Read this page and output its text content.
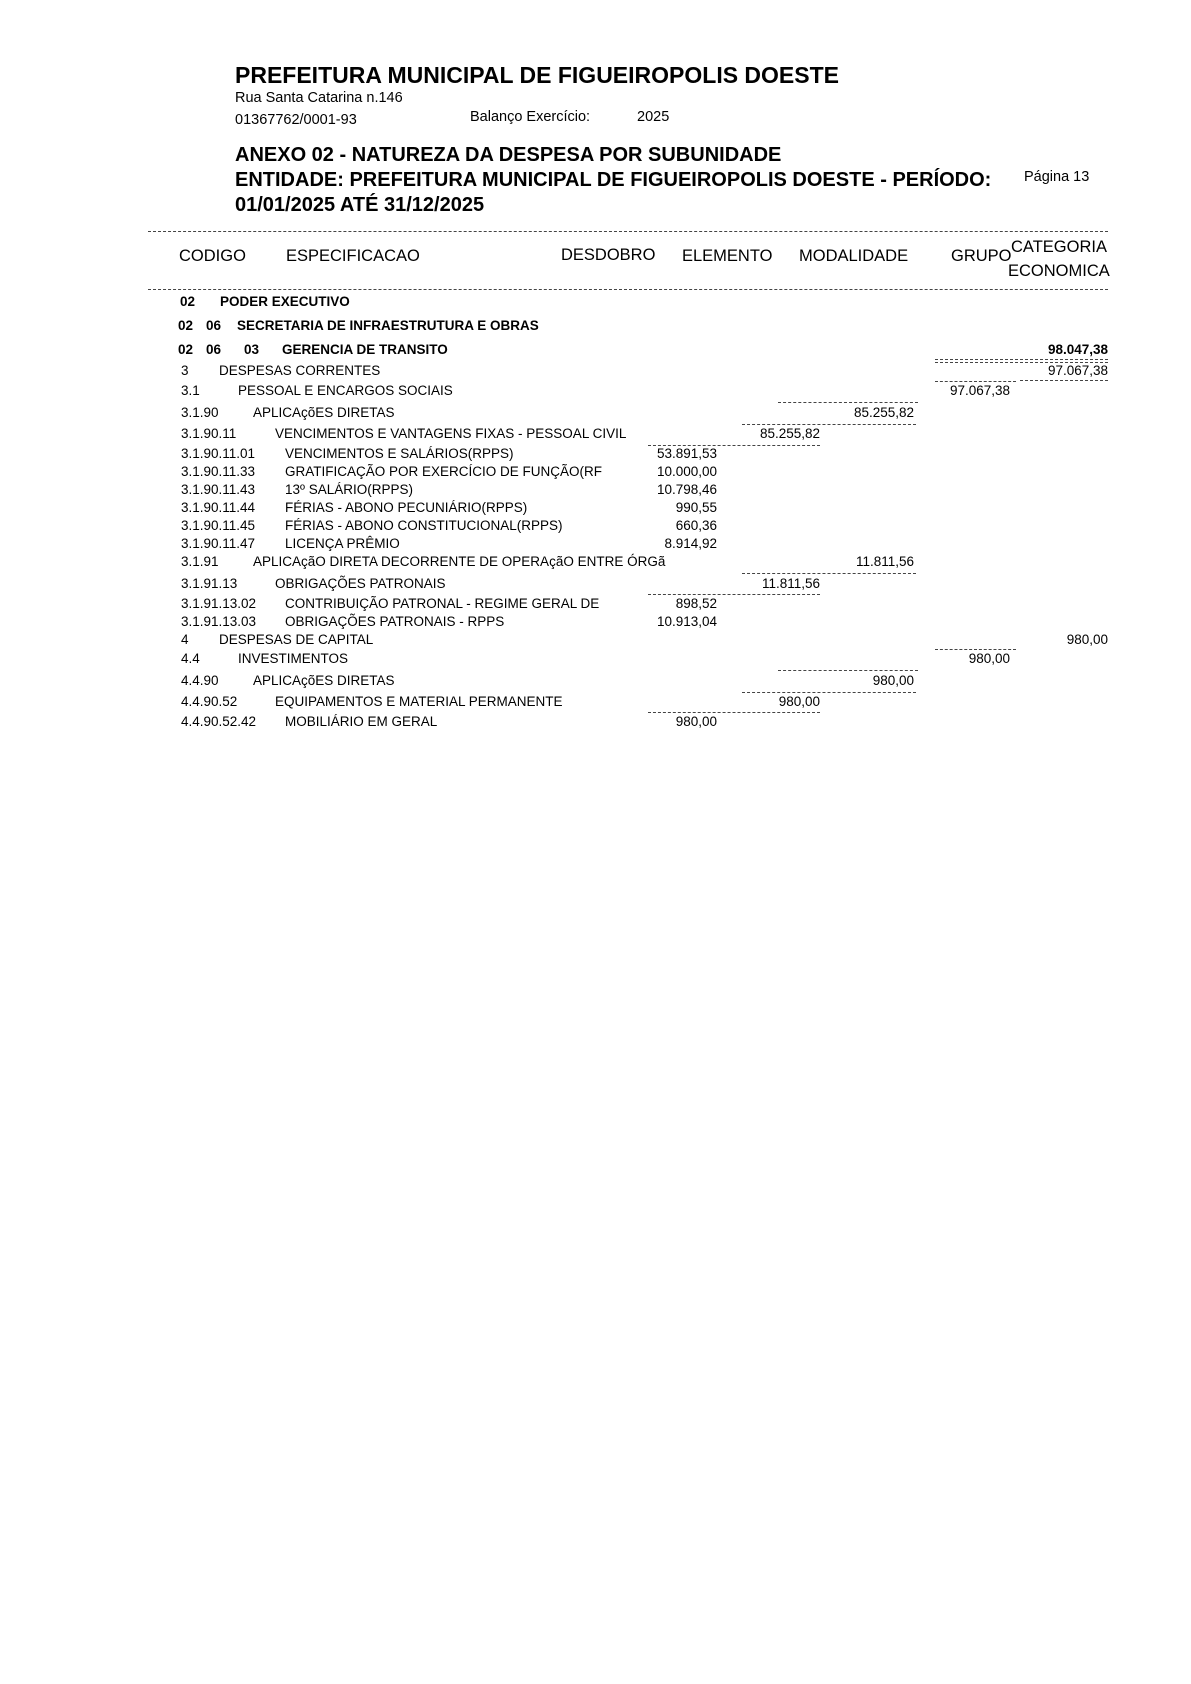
PREFEITURA MUNICIPAL DE FIGUEIROPOLIS DOESTE
Rua Santa Catarina n.146
01367762/0001-93	Balanço Exercício:	2025
ANEXO 02 - NATUREZA DA DESPESA POR SUBUNIDADE
ENTIDADE: PREFEITURA MUNICIPAL DE FIGUEIROPOLIS DOESTE - PERÍODO:
01/01/2025 ATÉ 31/12/2025
Página 13
CODIGO ESPECIFICACAO	DESDOBRO ELEMENTO MODALIDADE	GRUPO CATEGORIA
ECONOMICA
02 PODER EXECUTIVO
02 06 SECRETARIA DE INFRAESTRUTURA E OBRAS
02 06 03 GERENCIA DE TRANSITO	98.047,38
3 DESPESAS CORRENTES	97.067,38
3.1	PESSOAL E ENCARGOS SOCIAIS	97.067,38
3.1.90	APLICAçõES DIRETAS	85.255,82
3.1.90.11	VENCIMENTOS E VANTAGENS FIXAS - PESSOAL CIVIL	85.255,82
3.1.90.11.01 VENCIMENTOS E SALÁRIOS(RPPS)	53.891,53
3.1.90.11.33 GRATIFICAÇÃO POR EXERCÍCIO DE FUNÇÃO(RF	10.000,00
3.1.90.11.43 13º SALÁRIO(RPPS)	10.798,46
3.1.90.11.44 FÉRIAS - ABONO PECUNIÁRIO(RPPS)	990,55
3.1.90.11.45 FÉRIAS - ABONO CONSTITUCIONAL(RPPS)	660,36
3.1.90.11.47 LICENÇA PRÊMIO	8.914,92
3.1.91	APLICAçãO DIRETA DECORRENTE DE OPERAçãO ENTRE ÓRGã	11.811,56
3.1.91.13	OBRIGAÇÕES PATRONAIS	11.811,56
3.1.91.13.02 CONTRIBUIÇÃO PATRONAL - REGIME GERAL DE	898,52
3.1.91.13.03 OBRIGAÇÕES PATRONAIS - RPPS	10.913,04
4 DESPESAS DE CAPITAL	980,00
4.4	INVESTIMENTOS	980,00
4.4.90	APLICAçõES DIRETAS	980,00
4.4.90.52	EQUIPAMENTOS E MATERIAL PERMANENTE	980,00
4.4.90.52.42 MOBILIÁRIO EM GERAL	980,00
